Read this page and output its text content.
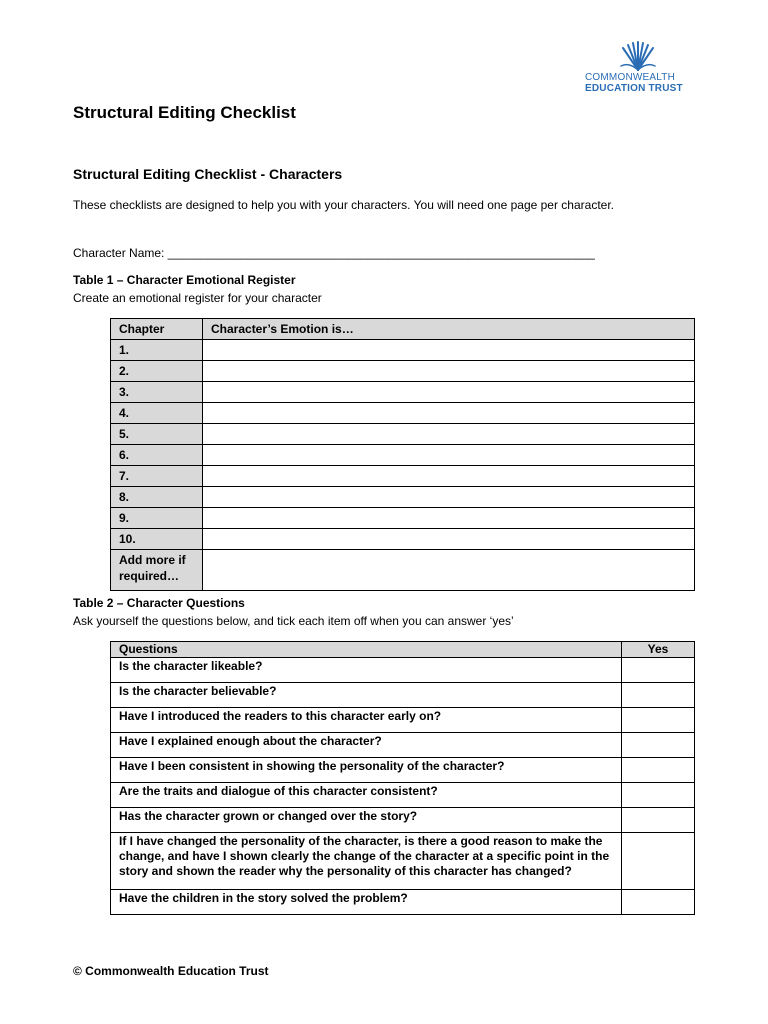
COMMONWEALTH
EDUCATION TRUST
Structural Editing Checklist
Structural Editing Checklist - Characters
These checklists are designed to help you with your characters. You will need one page per character.
Character Name: ________________________________________________________________
Table 1 – Character Emotional Register
Create an emotional register for your character
Chapter	Character’s Emotion is…
1.	
2.	
3.	
4.	
5.	
6.	
7.	
8.	
9.	
10.	
Add more if required…	
Table 2 – Character Questions
Ask yourself the questions below, and tick each item off when you can answer ‘yes’
Questions	Yes
Is the character likeable?	
Is the character believable?	
Have I introduced the readers to this character early on?	
Have I explained enough about the character?	
Have I been consistent in showing the personality of the character?	
Are the traits and dialogue of this character consistent?	
Has the character grown or changed over the story?	
If I have changed the personality of the character, is there a good reason to make the change, and have I shown clearly the change of the character at a specific point in the story and shown the reader why the personality of this character has changed?	
Have the children in the story solved the problem?	
© Commonwealth Education Trust
